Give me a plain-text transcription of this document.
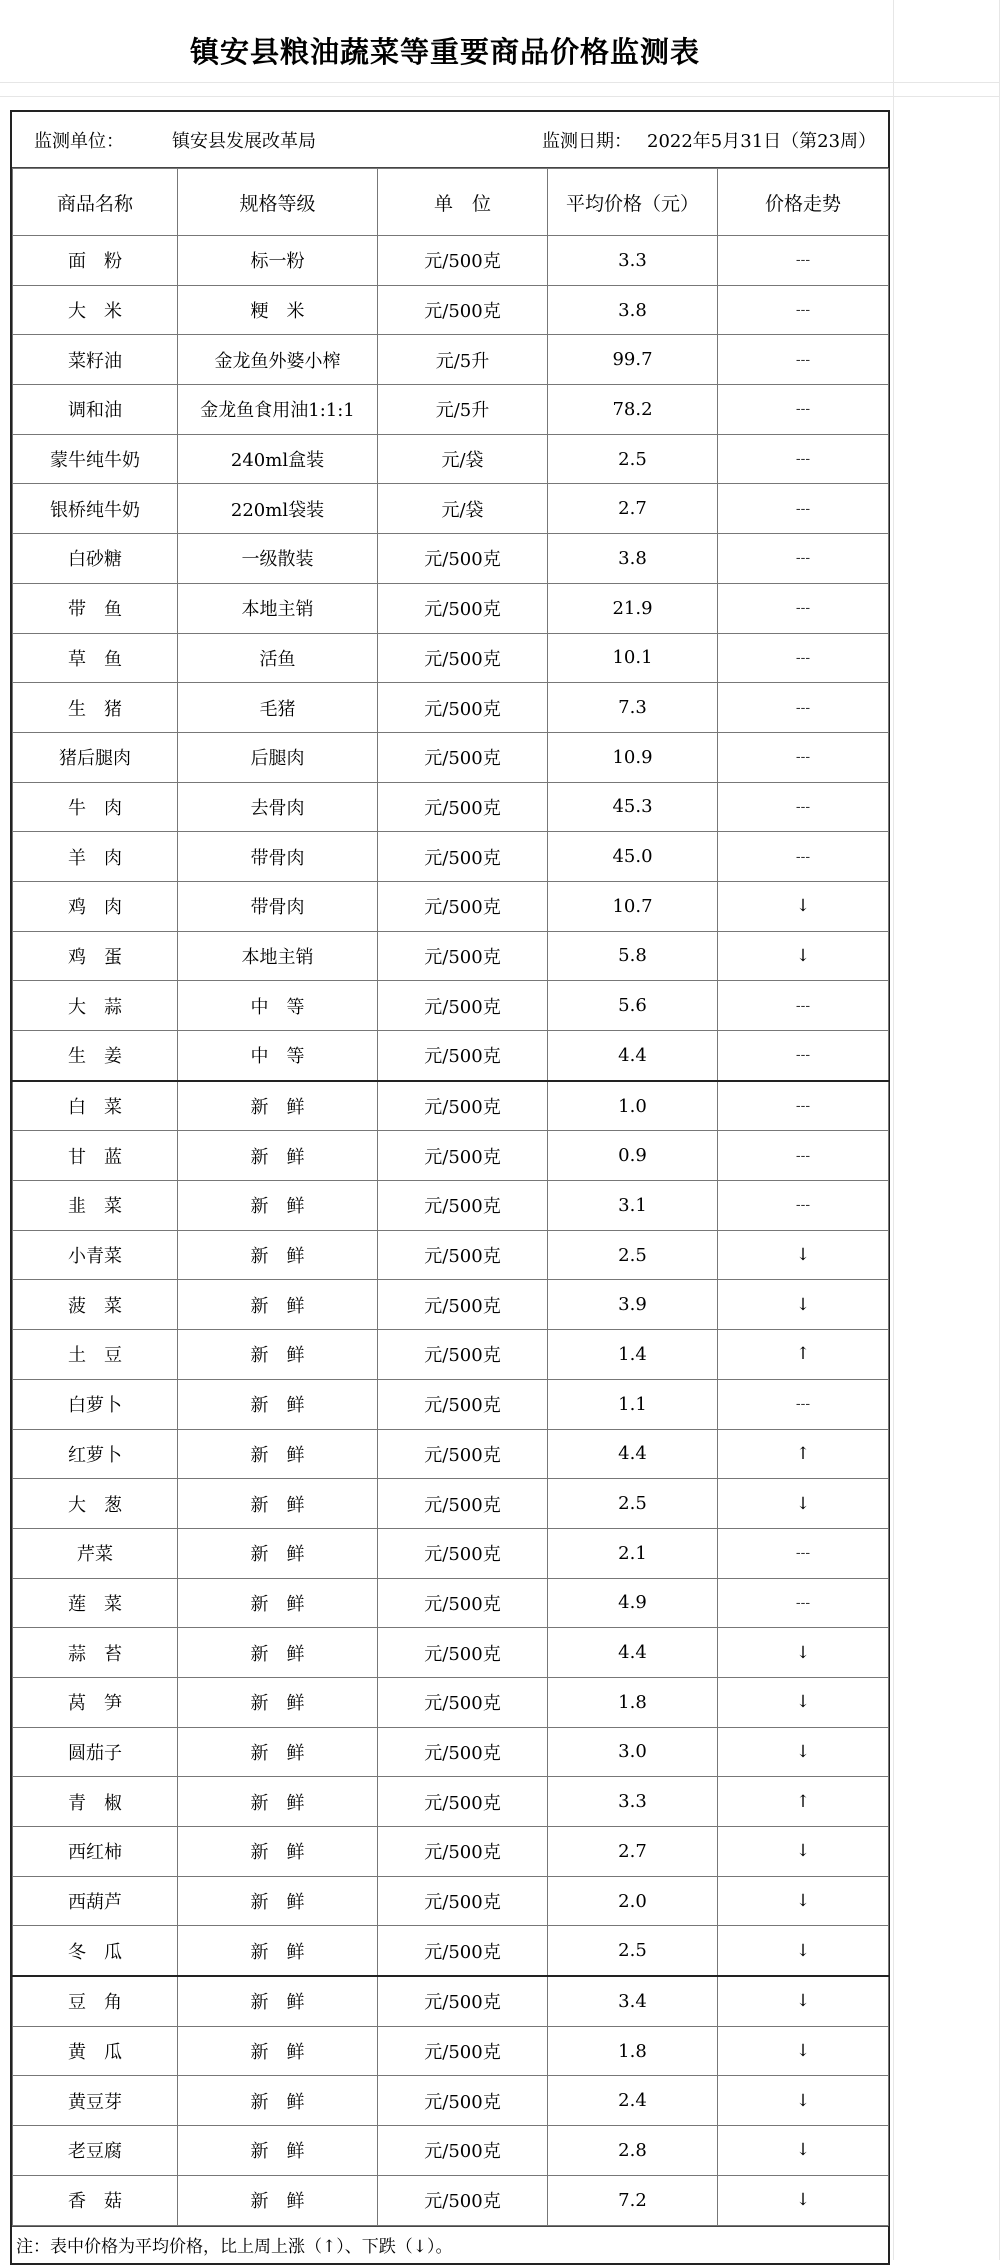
镇安县粮油蔬菜等重要商品价格监测表
监测单位：	镇安县发展改革局	监测日期： 2022年5月31日（第23周）
商品名称	规格等级	单　位	平均价格（元）	价格走势
面　粉	标一粉	元/500克	3.3	---
大　米	粳　米	元/500克	3.8	---
菜籽油	金龙鱼外婆小榨	元/5升	99.7	---
调和油	金龙鱼食用油1:1:1	元/5升	78.2	---
蒙牛纯牛奶	240ml盒装	元/袋	2.5	---
银桥纯牛奶	220ml袋装	元/袋	2.7	---
白砂糖	一级散装	元/500克	3.8	---
带　鱼	本地主销	元/500克	21.9	---
草　鱼	活鱼	元/500克	10.1	---
生　猪	毛猪	元/500克	7.3	---
猪后腿肉	后腿肉	元/500克	10.9	---
牛　肉	去骨肉	元/500克	45.3	---
羊　肉	带骨肉	元/500克	45.0	---
鸡　肉	带骨肉	元/500克	10.7	↓
鸡　蛋	本地主销	元/500克	5.8	↓
大　蒜	中　等	元/500克	5.6	---
生　姜	中　等	元/500克	4.4	---
白　菜	新　鲜	元/500克	1.0	---
甘　蓝	新　鲜	元/500克	0.9	---
韭　菜	新　鲜	元/500克	3.1	---
小青菜	新　鲜	元/500克	2.5	↓
菠　菜	新　鲜	元/500克	3.9	↓
土　豆	新　鲜	元/500克	1.4	↑
白萝卜	新　鲜	元/500克	1.1	---
红萝卜	新　鲜	元/500克	4.4	↑
大　葱	新　鲜	元/500克	2.5	↓
芹菜	新　鲜	元/500克	2.1	---
莲　菜	新　鲜	元/500克	4.9	---
蒜　苔	新　鲜	元/500克	4.4	↓
莴　笋	新　鲜	元/500克	1.8	↓
圆茄子	新　鲜	元/500克	3.0	↓
青　椒	新　鲜	元/500克	3.3	↑
西红柿	新　鲜	元/500克	2.7	↓
西葫芦	新　鲜	元/500克	2.0	↓
冬　瓜	新　鲜	元/500克	2.5	↓
豆　角	新　鲜	元/500克	3.4	↓
黄　瓜	新　鲜	元/500克	1.8	↓
黄豆芽	新　鲜	元/500克	2.4	↓
老豆腐	新　鲜	元/500克	2.8	↓
香　菇	新　鲜	元/500克	7.2	↓
注：表中价格为平均价格，比上周上涨（↑）、下跌（↓）。
